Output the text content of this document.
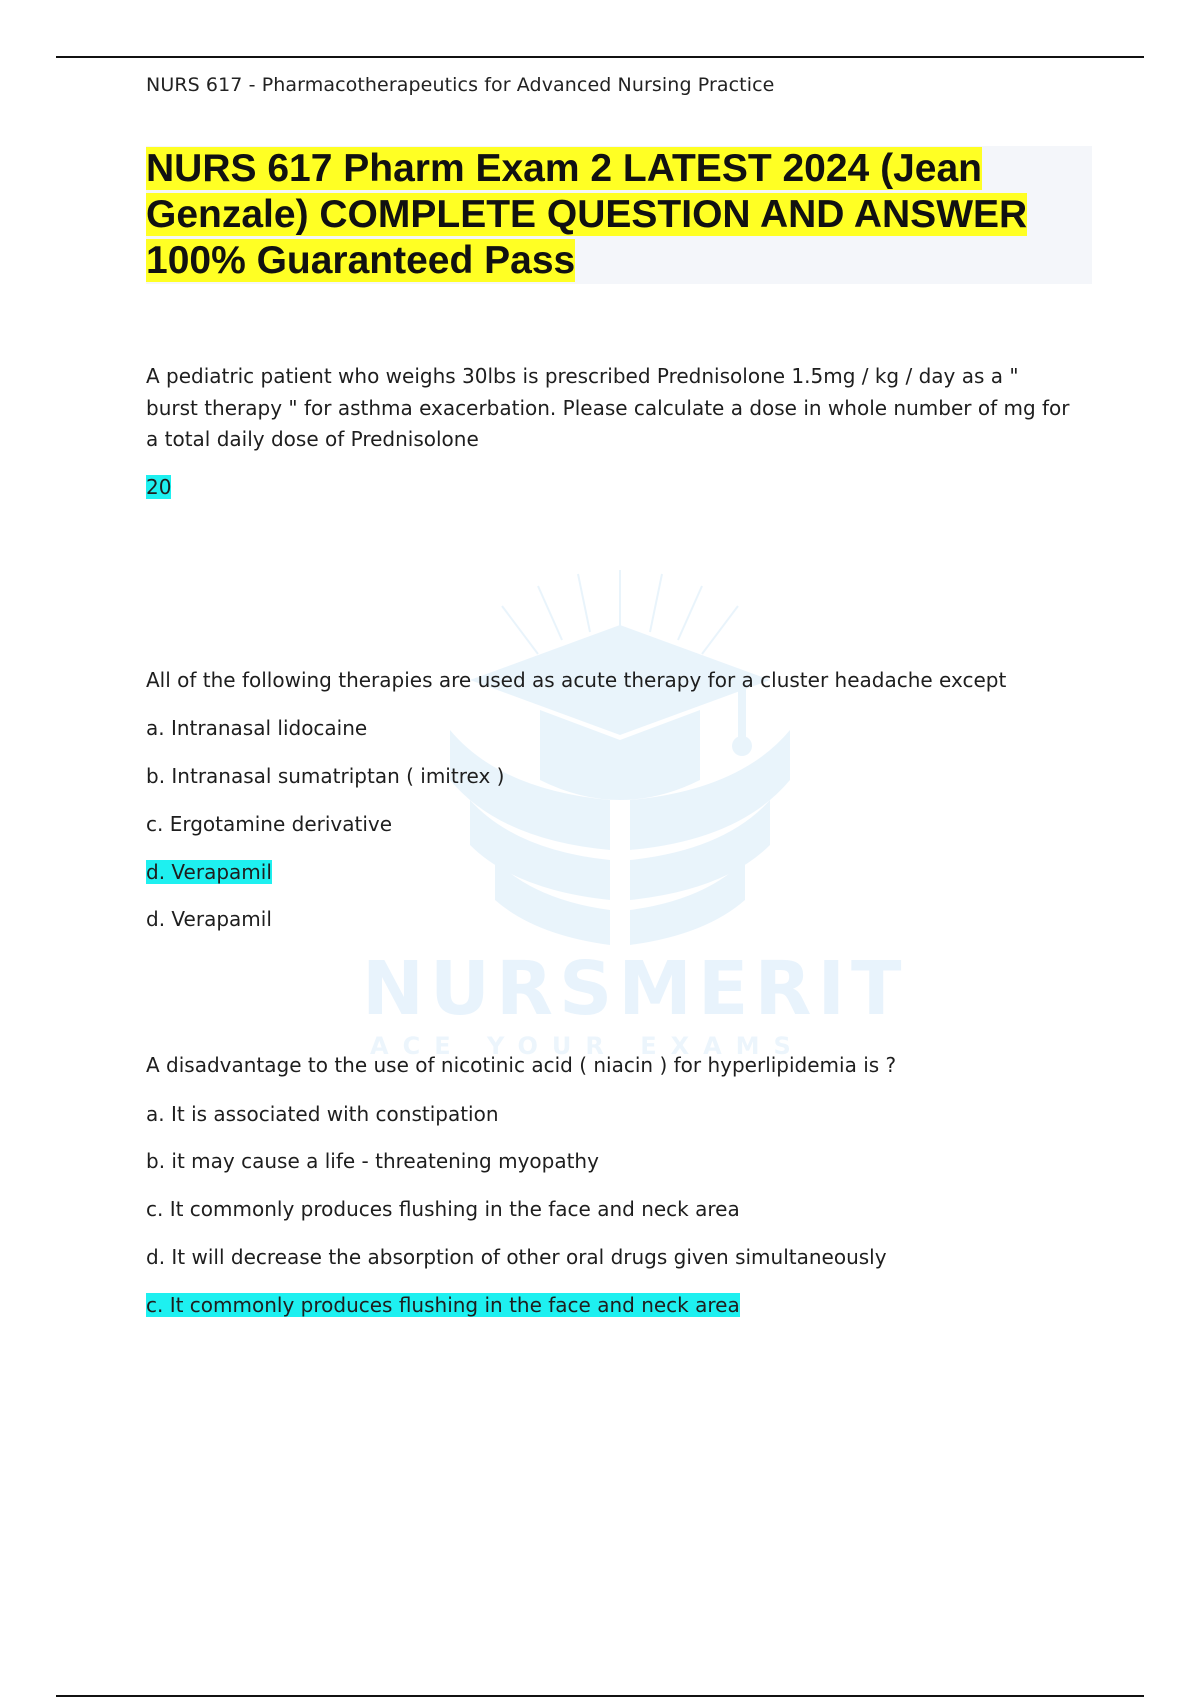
NURS 617 - Pharmacotherapeutics for Advanced Nursing Practice
NURSMERIT
ACE YOUR EXAMS
NURS 617 Pharm Exam 2 LATEST 2024 (Jean
Genzale) COMPLETE QUESTION AND ANSWER
100% Guaranteed Pass
A pediatric patient who weighs 30lbs is prescribed Prednisolone 1.5mg / kg / day as a " burst therapy " for asthma exacerbation. Please calculate a dose in whole number of mg for a total daily dose of Prednisolone
20
All of the following therapies are used as acute therapy for a cluster headache except
a. Intranasal lidocaine
b. Intranasal sumatriptan ( imitrex )
c. Ergotamine derivative
d. Verapamil
d. Verapamil
A disadvantage to the use of nicotinic acid ( niacin ) for hyperlipidemia is ?
a. It is associated with constipation
b. it may cause a life - threatening myopathy
c. It commonly produces flushing in the face and neck area
d. It will decrease the absorption of other oral drugs given simultaneously
c. It commonly produces flushing in the face and neck area
